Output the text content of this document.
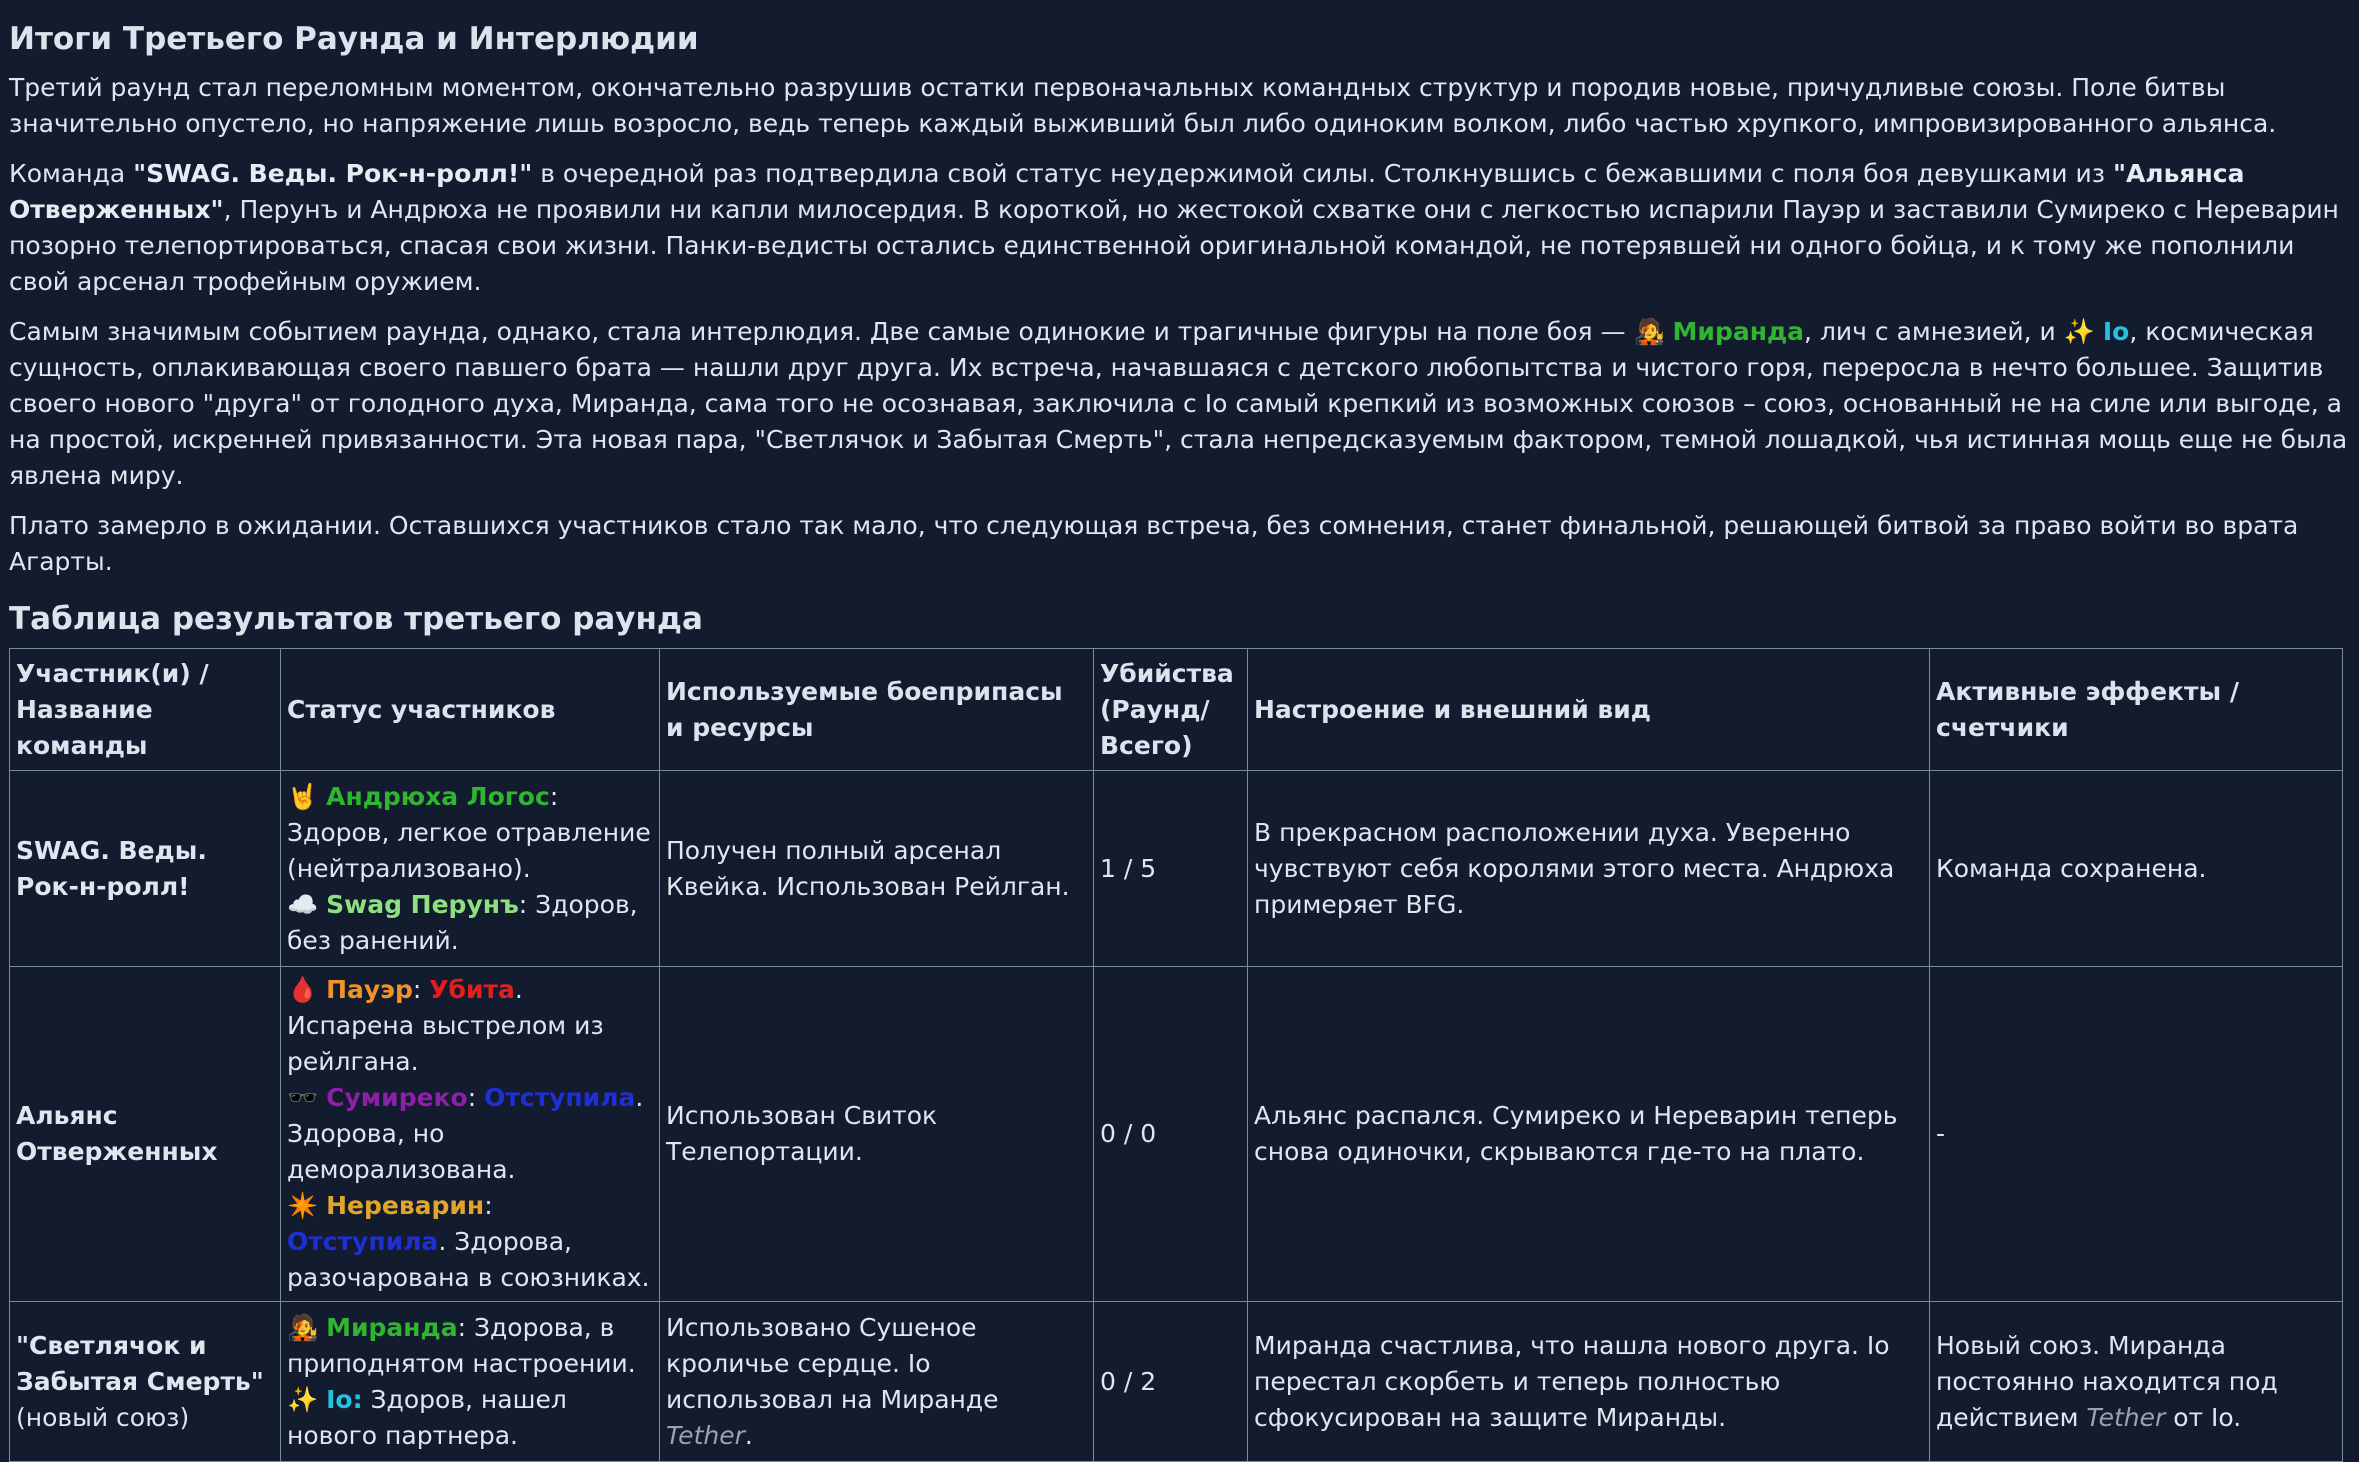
Итоги Третьего Раунда и Интерлюдии

Третий раунд стал переломным моментом, окончательно разрушив остатки первоначальных командных структур и породив новые, причудливые союзы. Поле битвы значительно опустело, но напряжение лишь возросло, ведь теперь каждый выживший был либо одиноким волком, либо частью хрупкого, импровизированного альянса.

Команда "SWAG. Веды. Рок-н-ролл!" в очередной раз подтвердила свой статус неудержимой силы. Столкнувшись с бежавшими с поля боя девушками из "Альянса Отверженных", Перунъ и Андрюха не проявили ни капли милосердия. В короткой, но жестокой схватке они с легкостью испарили Пауэр и заставили Сумиреко с Нереварин позорно телепортироваться, спасая свои жизни. Панки-ведисты остались единственной оригинальной командой, не потерявшей ни одного бойца, и к тому же пополнили свой арсенал трофейным оружием.

Самым значимым событием раунда, однако, стала интерлюдия. Две самые одинокие и трагичные фигуры на поле боя — 🧑‍🎤 Миранда, лич с амнезией, и ✨ Io, космическая сущность, оплакивающая своего павшего брата — нашли друг друга. Их встреча, начавшаяся с детского любопытства и чистого горя, переросла в нечто большее. Защитив своего нового "друга" от голодного духа, Миранда, сама того не осознавая, заключила с Io самый крепкий из возможных союзов – союз, основанный не на силе или выгоде, а на простой, искренней привязанности. Эта новая пара, "Светлячок и Забытая Смерть", стала непредсказуемым фактором, темной лошадкой, чья истинная мощь еще не была явлена миру.

Плато замерло в ожидании. Оставшихся участников стало так мало, что следующая встреча, без сомнения, станет финальной, решающей битвой за право войти во врата Агарты.

Таблица результатов третьего раунда
Участник(и) / Название команды	Статус участников	Используемые боеприпасы и ресурсы	Убийства (Раунд/ Всего)	Настроение и внешний вид	Активные эффекты / счетчики
SWAG. Веды. Рок-н-ролл!	🤘 Андрюха Логос: Здоров, легкое отравление (нейтрализовано).
☁️ Swag Перунъ: Здоров, без ранений.	Получен полный арсенал Квейка. Использован Рейлган.	1 / 5	В прекрасном расположении духа. Уверенно чувствуют себя королями этого места. Андрюха примеряет BFG.	Команда сохранена.
Альянс Отверженных	🩸 Пауэр: Убита. Испарена выстрелом из рейлгана.
🕶️ Сумиреко: Отступила. Здорова, но деморализована.
✴️ Нереварин: Отступила. Здорова, разочарована в союзниках.	Использован Свиток Телепортации.	0 / 0	Альянс распался. Сумиреко и Нереварин теперь снова одиночки, скрываются где-то на плато.	-
"Светлячок и Забытая Смерть"
(новый союз)	🧑‍🎤 Миранда: Здорова, в приподнятом настроении.
✨ Io: Здоров, нашел нового партнера.	Использовано Сушеное кроличье сердце. Io использовал на Миранде Tether.	0 / 2	Миранда счастлива, что нашла нового друга. Io перестал скорбеть и теперь полностью сфокусирован на защите Миранды.	Новый союз. Миранда постоянно находится под действием Tether от Io.
